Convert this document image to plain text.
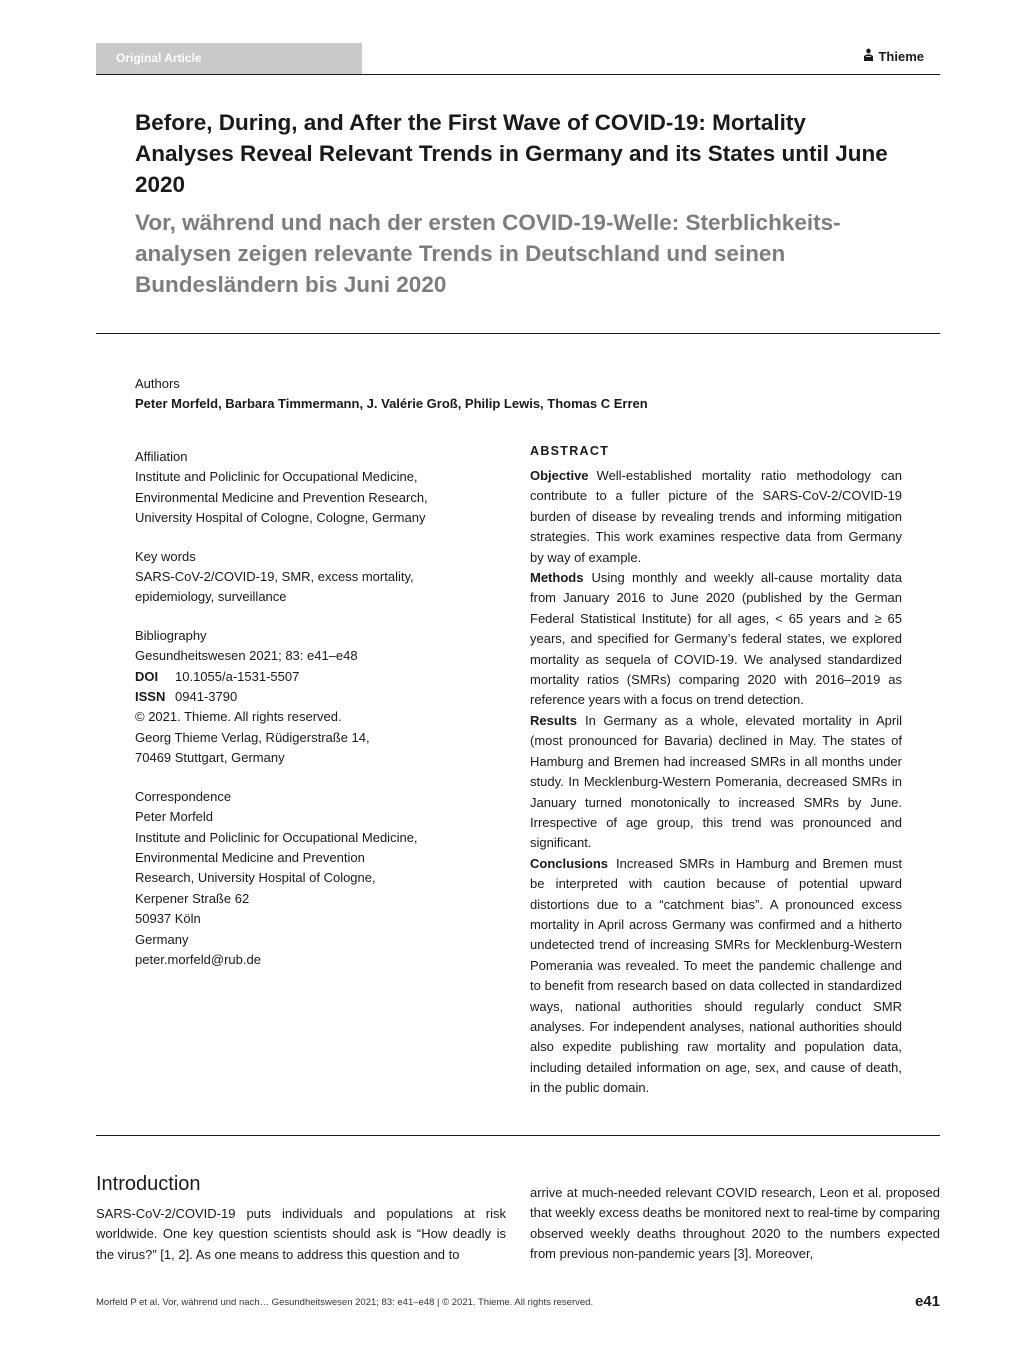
Original Article	Thieme
Before, During, and After the First Wave of COVID-19: Mortality Analyses Reveal Relevant Trends in Germany and its States until June 2020
Vor, während und nach der ersten COVID-19-Welle: Sterblichkeitsanalysen zeigen relevante Trends in Deutschland und seinen Bundesländern bis Juni 2020
Authors
Peter Morfeld, Barbara Timmermann, J. Valérie Groß, Philip Lewis, Thomas C Erren

Affiliation

Institute and Policlinic for Occupational Medicine,

Environmental Medicine and Prevention Research,

University Hospital of Cologne, Cologne, Germany

Key words

SARS-CoV-2/COVID-19, SMR, excess mortality,

epidemiology, surveillance

Bibliography

Gesundheitswesen 2021; 83: e41–e48

DOI 10.1055/a-1531-5507

ISSN 0941-3790

© 2021. Thieme. All rights reserved.

Georg Thieme Verlag, Rüdigerstraße 14,

70469 Stuttgart, Germany

Correspondence

Peter Morfeld

Institute and Policlinic for Occupational Medicine,

Environmental Medicine and Prevention

Research, University Hospital of Cologne,

Kerpener Straße 62

50937 Köln

Germany

peter.morfeld@rub.de

ABSTRACT

Objective Well-established mortality ratio methodology can contribute to a fuller picture of the SARS-CoV-2/COVID-19 burden of disease by revealing trends and informing mitigation strategies. This work examines respective data from Germany by way of example.

Methods Using monthly and weekly all-cause mortality data from January 2016 to June 2020 (published by the German Federal Statistical Institute) for all ages, < 65 years and ≥ 65 years, and specified for Germany’s federal states, we explored mortality as sequela of COVID-19. We analysed standardized mortality ratios (SMRs) comparing 2020 with 2016–2019 as reference years with a focus on trend detection.

Results In Germany as a whole, elevated mortality in April (most pronounced for Bavaria) declined in May. The states of Hamburg and Bremen had increased SMRs in all months under study. In Mecklenburg-Western Pomerania, decreased SMRs in January turned monotonically to increased SMRs by June. Irrespective of age group, this trend was pronounced and significant.

Conclusions Increased SMRs in Hamburg and Bremen must be interpreted with caution because of potential upward distortions due to a “catchment bias”. A pronounced excess mortality in April across Germany was confirmed and a hitherto undetected trend of increasing SMRs for Mecklenburg-Western Pomerania was revealed. To meet the pandemic challenge and to benefit from research based on data collected in standardized ways, national authorities should regularly conduct SMR analyses. For independent analyses, national authorities should also expedite publishing raw mortality and population data, including detailed information on age, sex, and cause of death, in the public domain.

Introduction
SARS-CoV-2/COVID-19 puts individuals and populations at risk worldwide. One key question scientists should ask is “How deadly is the virus?” [1, 2]. As one means to address this question and to
arrive at much-needed relevant COVID research, Leon et al. proposed that weekly excess deaths be monitored next to real-time by comparing observed weekly deaths throughout 2020 to the numbers expected from previous non-pandemic years [3]. Moreover,
Morfeld P et al. Vor, während und nach… Gesundheitswesen 2021; 83: e41–e48 | © 2021. Thieme. All rights reserved.	e41
